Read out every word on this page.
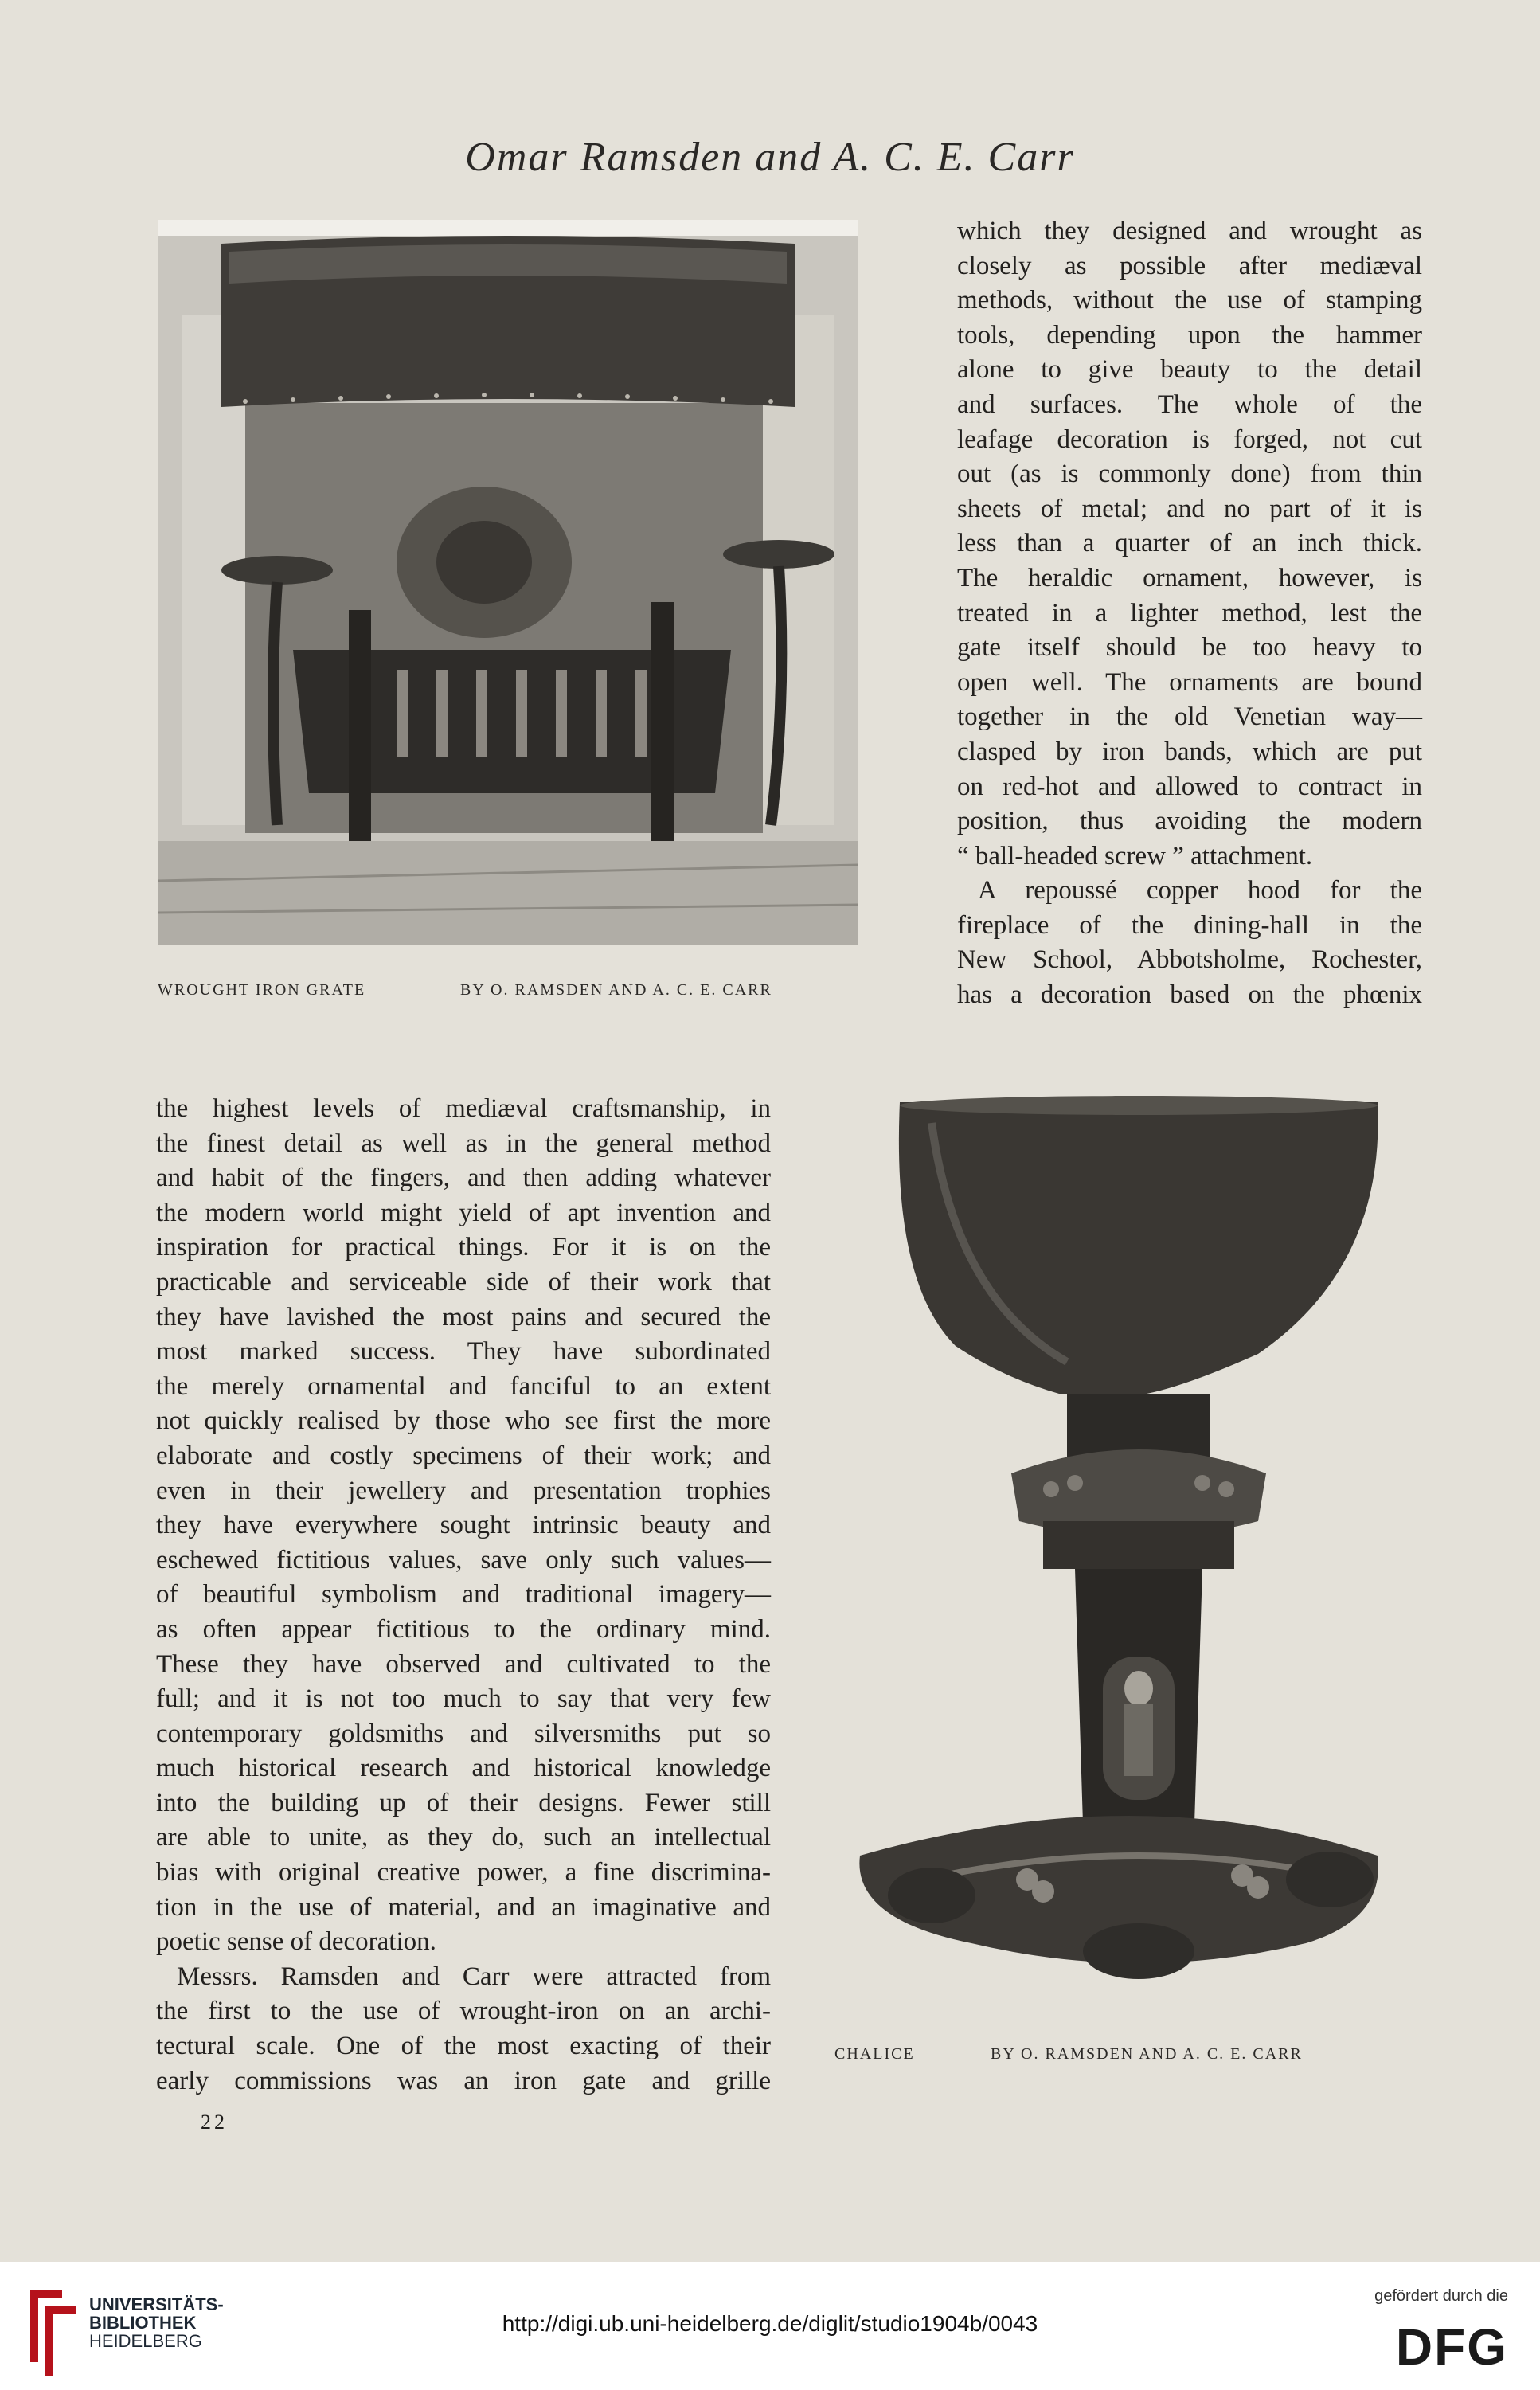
Omar Ramsden and A. C. E. Carr
WROUGHT IRON GRATE	BY O. RAMSDEN AND A. C. E. CARR
which they designed and wrought as
closely as possible after mediæval
methods, without the use of stamping
tools, depending upon the hammer
alone to give beauty to the detail
and surfaces. The whole of the
leafage decoration is forged, not cut
out (as is commonly done) from thin
sheets of metal; and no part of it is
less than a quarter of an inch thick.
The heraldic ornament, however, is
treated in a lighter method, lest the
gate itself should be too heavy to
open well. The ornaments are bound
together in the old Venetian way—
clasped by iron bands, which are put
on red-hot and allowed to contract in
position, thus avoiding the modern
“ ball-headed screw ” attachment.
A repoussé copper hood for the
fireplace of the dining-hall in the
New School, Abbotsholme, Rochester,
has a decoration based on the phœnix
the highest levels of mediæval craftsmanship, in
the finest detail as well as in the general method
and habit of the fingers, and then adding whatever
the modern world might yield of apt invention and
inspiration for practical things. For it is on the
practicable and serviceable side of their work that
they have lavished the most pains and secured the
most marked success. They have subordinated
the merely ornamental and fanciful to an extent
not quickly realised by those who see first the more
elaborate and costly specimens of their work; and
even in their jewellery and presentation trophies
they have everywhere sought intrinsic beauty and
eschewed fictitious values, save only such values—
of beautiful symbolism and traditional imagery—
as often appear fictitious to the ordinary mind.
These they have observed and cultivated to the
full; and it is not too much to say that very few
contemporary goldsmiths and silversmiths put so
much historical research and historical knowledge
into the building up of their designs. Fewer still
are able to unite, as they do, such an intellectual
bias with original creative power, a fine discrimina-
tion in the use of material, and an imaginative and
poetic sense of decoration.
Messrs. Ramsden and Carr were attracted from
the first to the use of wrought-iron on an archi-
tectural scale. One of the most exacting of their
early commissions was an iron gate and grille
CHALICE	BY O. RAMSDEN AND A. C. E. CARR
22
UNIVERSITÄTS-
BIBLIOTHEK
HEIDELBERG
http://digi.ub.uni-heidelberg.de/diglit/studio1904b/0043
gefördert durch die
DFG
